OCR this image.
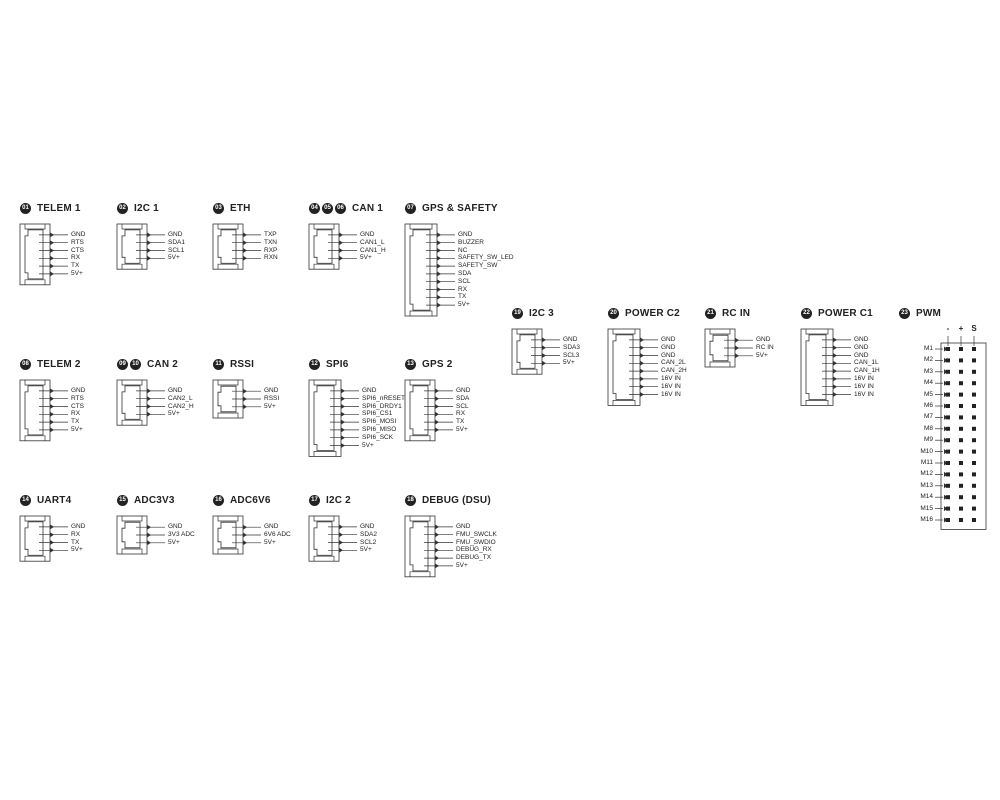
01 TELEM 1
GND
RTS
CTS
RX
TX
5V+
02 I2C 1
GND
SDA1
SCL1
5V+
03 ETH
TXP
TXN
RXP
RXN
04 05 06 CAN 1
GND
CAN1_L
CAN1_H
5V+
07 GPS & SAFETY
GND
BUZZER
NC
SAFETY_SW_LED
SAFETY_SW
SDA
SCL
RX
TX
5V+
08 TELEM 2
GND
RTS
CTS
RX
TX
5V+
09 10 CAN 2
GND
CAN2_L
CAN2_H
5V+
11 RSSI
GND
RSSI
5V+
12 SPI6
GND
SPI6_nRESET
SPI6_DRDY1
SPI6_CS1
SPI6_MOSI
SPI6_MISO
SPI6_SCK
5V+
13 GPS 2
GND
SDA
SCL
RX
TX
5V+
14 UART4
GND
RX
TX
5V+
15 ADC3V3
GND
3V3 ADC
5V+
16 ADC6V6
GND
6V6 ADC
5V+
17 I2C 2
GND
SDA2
SCL2
5V+
18 DEBUG (DSU)
GND
FMU_SWCLK
FMU_SWDIO
DEBUG_RX
DEBUG_TX
5V+
19 I2C 3
GND
SDA3
SCL3
5V+
20 POWER C2
GND
GND
GND
CAN_2L
CAN_2H
16V IN
16V IN
16V IN
21 RC IN
GND
RC IN
5V+
22 POWER C1
GND
GND
GND
CAN_1L
CAN_1H
16V IN
16V IN
16V IN
23 PWM
-	+	S
M1
M2
M3
M4
M5
M6
M7
M8
M9
M10
M11
M12
M13
M14
M15
M16
